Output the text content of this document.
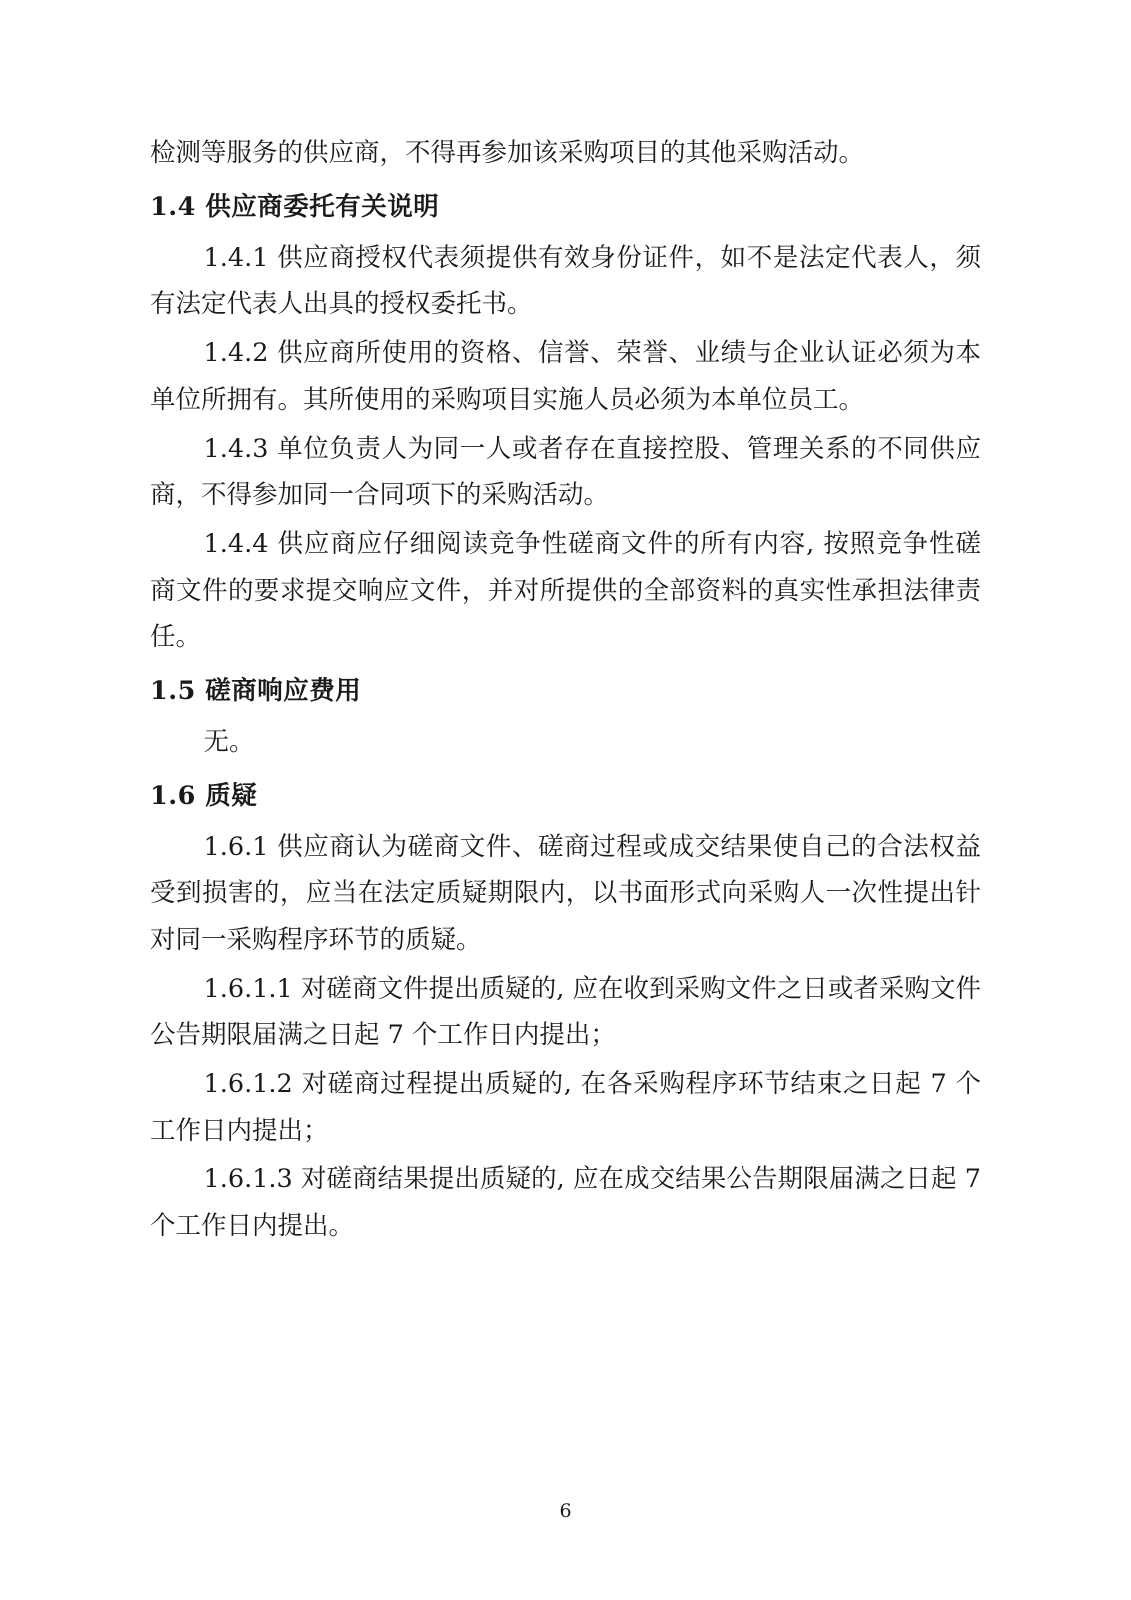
检测等服务的供应商，不得再参加该采购项目的其他采购活动。

1.4 供应商委托有关说明

1.4.1 供应商授权代表须提供有效身份证件，如不是法定代表人，须有法定代表人出具的授权委托书。

1.4.2 供应商所使用的资格、信誉、荣誉、业绩与企业认证必须为本单位所拥有。其所使用的采购项目实施人员必须为本单位员工。

1.4.3 单位负责人为同一人或者存在直接控股、管理关系的不同供应商，不得参加同一合同项下的采购活动。

1.4.4 供应商应仔细阅读竞争性磋商文件的所有内容, 按照竞争性磋商文件的要求提交响应文件，并对所提供的全部资料的真实性承担法律责任。

1.5 磋商响应费用

无。

1.6 质疑

1.6.1 供应商认为磋商文件、磋商过程或成交结果使自己的合法权益受到损害的，应当在法定质疑期限内，以书面形式向采购人一次性提出针对同一采购程序环节的质疑。

1.6.1.1 对磋商文件提出质疑的, 应在收到采购文件之日或者采购文件公告期限届满之日起 7 个工作日内提出；

1.6.1.2 对磋商过程提出质疑的, 在各采购程序环节结束之日起 7 个工作日内提出；

1.6.1.3 对磋商结果提出质疑的, 应在成交结果公告期限届满之日起 7 个工作日内提出。

6
